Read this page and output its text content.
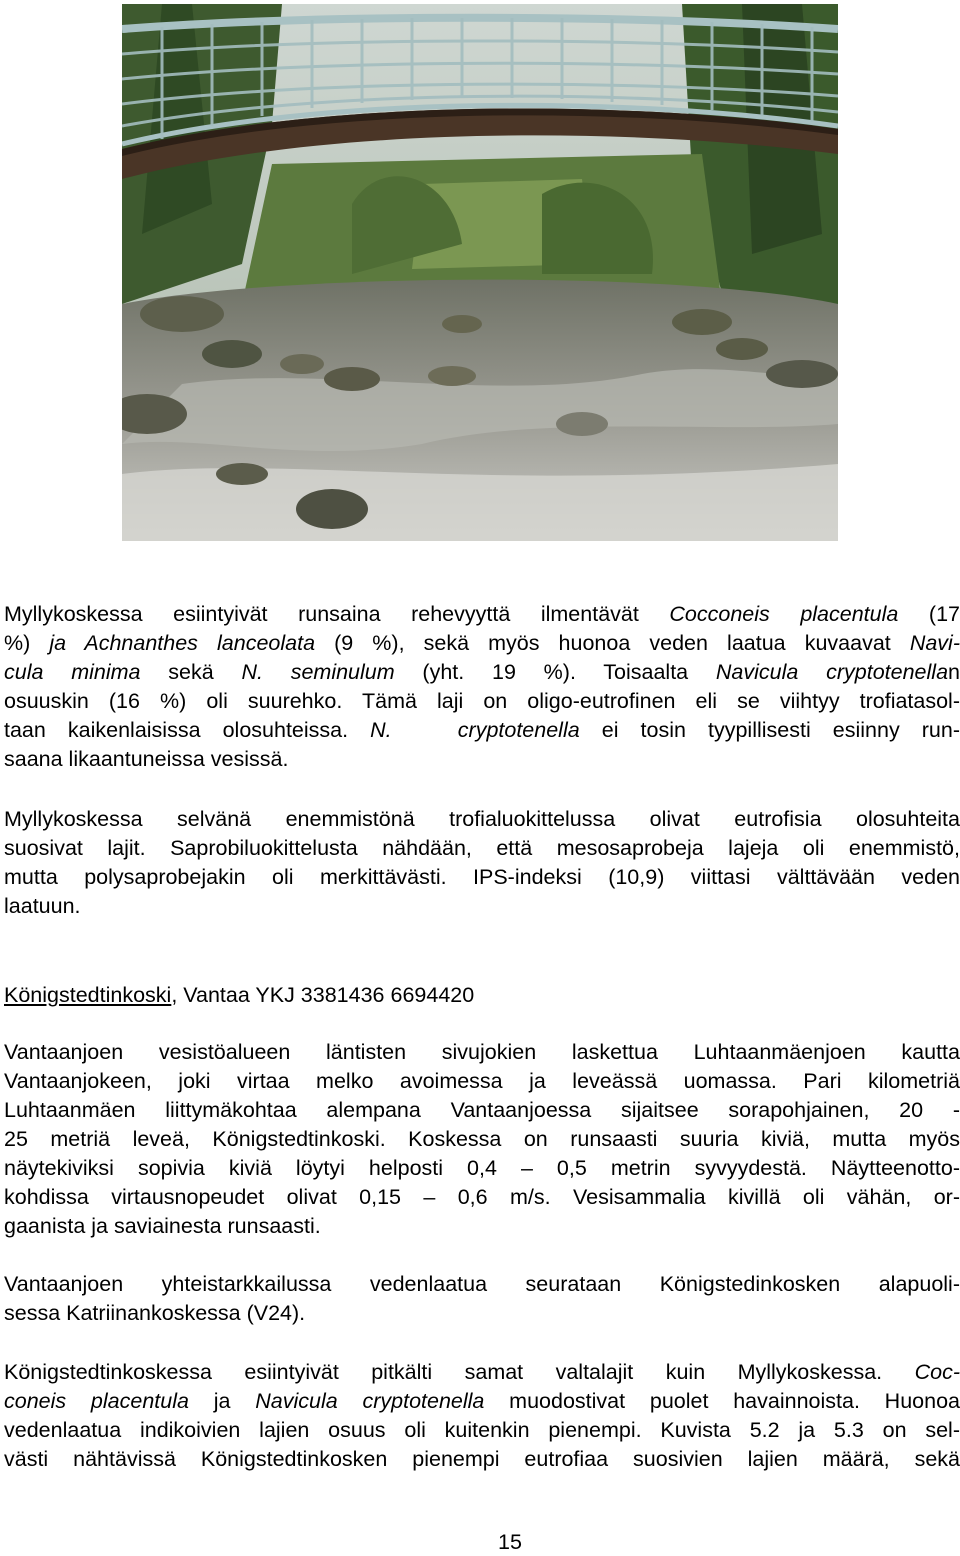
Myllykoskessa esiintyivät runsaina rehevyyttä ilmentävät Cocconeis placentula (17
%) ja Achnanthes lanceolata (9 %), sekä myös huonoa veden laatua kuvaavat Navi-
cula minima sekä N. seminulum (yht. 19 %). Toisaalta Navicula cryptotenellan
osuuskin (16 %) oli suurehko. Tämä laji on oligo-eutrofinen eli se viihtyy trofiatasol-
taan kaikenlaisissa olosuhteissa. N.   cryptotenella ei tosin tyypillisesti esiinny run-
saana likaantuneissa vesissä.
Myllykoskessa selvänä enemmistönä trofialuokittelussa olivat eutrofisia olosuhteita
suosivat lajit. Saprobiluokittelusta nähdään, että mesosaprobeja lajeja oli enemmistö,
mutta polysaprobejakin oli merkittävästi. IPS-indeksi (10,9) viittasi välttävään veden
laatuun.
Königstedtinkoski, Vantaa YKJ 3381436 6694420
Vantaanjoen vesistöalueen läntisten sivujokien laskettua Luhtaanmäenjoen kautta
Vantaanjokeen, joki virtaa melko avoimessa ja leveässä uomassa. Pari kilometriä
Luhtaanmäen liittymäkohtaa alempana Vantaanjoessa sijaitsee sorapohjainen, 20 -
25 metriä leveä, Königstedtinkoski. Koskessa on runsaasti suuria kiviä, mutta myös
näytekiviksi sopivia kiviä löytyi helposti 0,4 – 0,5 metrin syvyydestä. Näytteenotto-
kohdissa virtausnopeudet olivat 0,15 – 0,6 m/s. Vesisammalia kivillä oli vähän, or-
gaanista ja saviainesta runsaasti.
Vantaanjoen yhteistarkkailussa vedenlaatua seurataan Königstedinkosken alapuoli-
sessa Katriinankoskessa (V24).
Königstedtinkoskessa esiintyivät pitkälti samat valtalajit kuin Myllykoskessa. Coc-
coneis placentula ja Navicula cryptotenella muodostivat puolet havainnoista. Huonoa
vedenlaatua indikoivien lajien osuus oli kuitenkin pienempi. Kuvista 5.2 ja 5.3 on sel-
västi nähtävissä Königstedtinkosken pienempi eutrofiaa suosivien lajien määrä, sekä
15
